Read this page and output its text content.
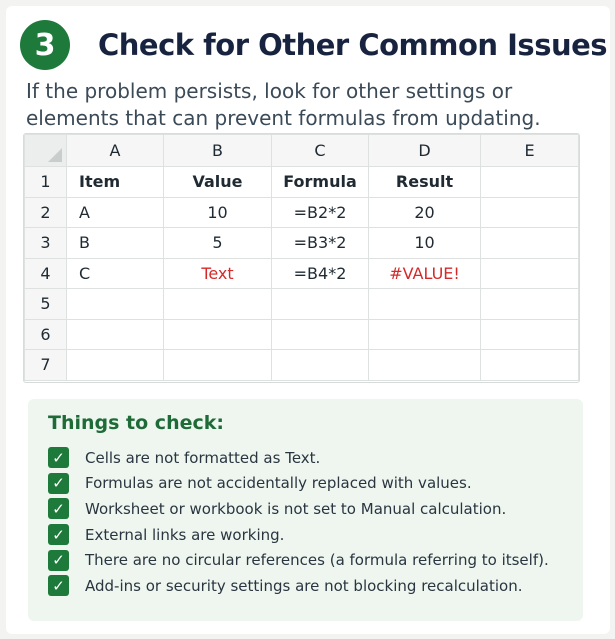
3	Check for Other Common Issues
If the problem persists, look for other settings or elements that can prevent formulas from updating.
	A	B	C	D	E
1	Item	Value	Formula	Result	
2	A	10	=B2*2	20	
3	B	5	=B3*2	10	
4	C	Text	=B4*2	#VALUE!	
5					
6					
7					
Things to check:
✓ Cells are not formatted as Text.
✓ Formulas are not accidentally replaced with values.
✓ Worksheet or workbook is not set to Manual calculation.
✓ External links are working.
✓ There are no circular references (a formula referring to itself).
✓ Add-ins or security settings are not blocking recalculation.
